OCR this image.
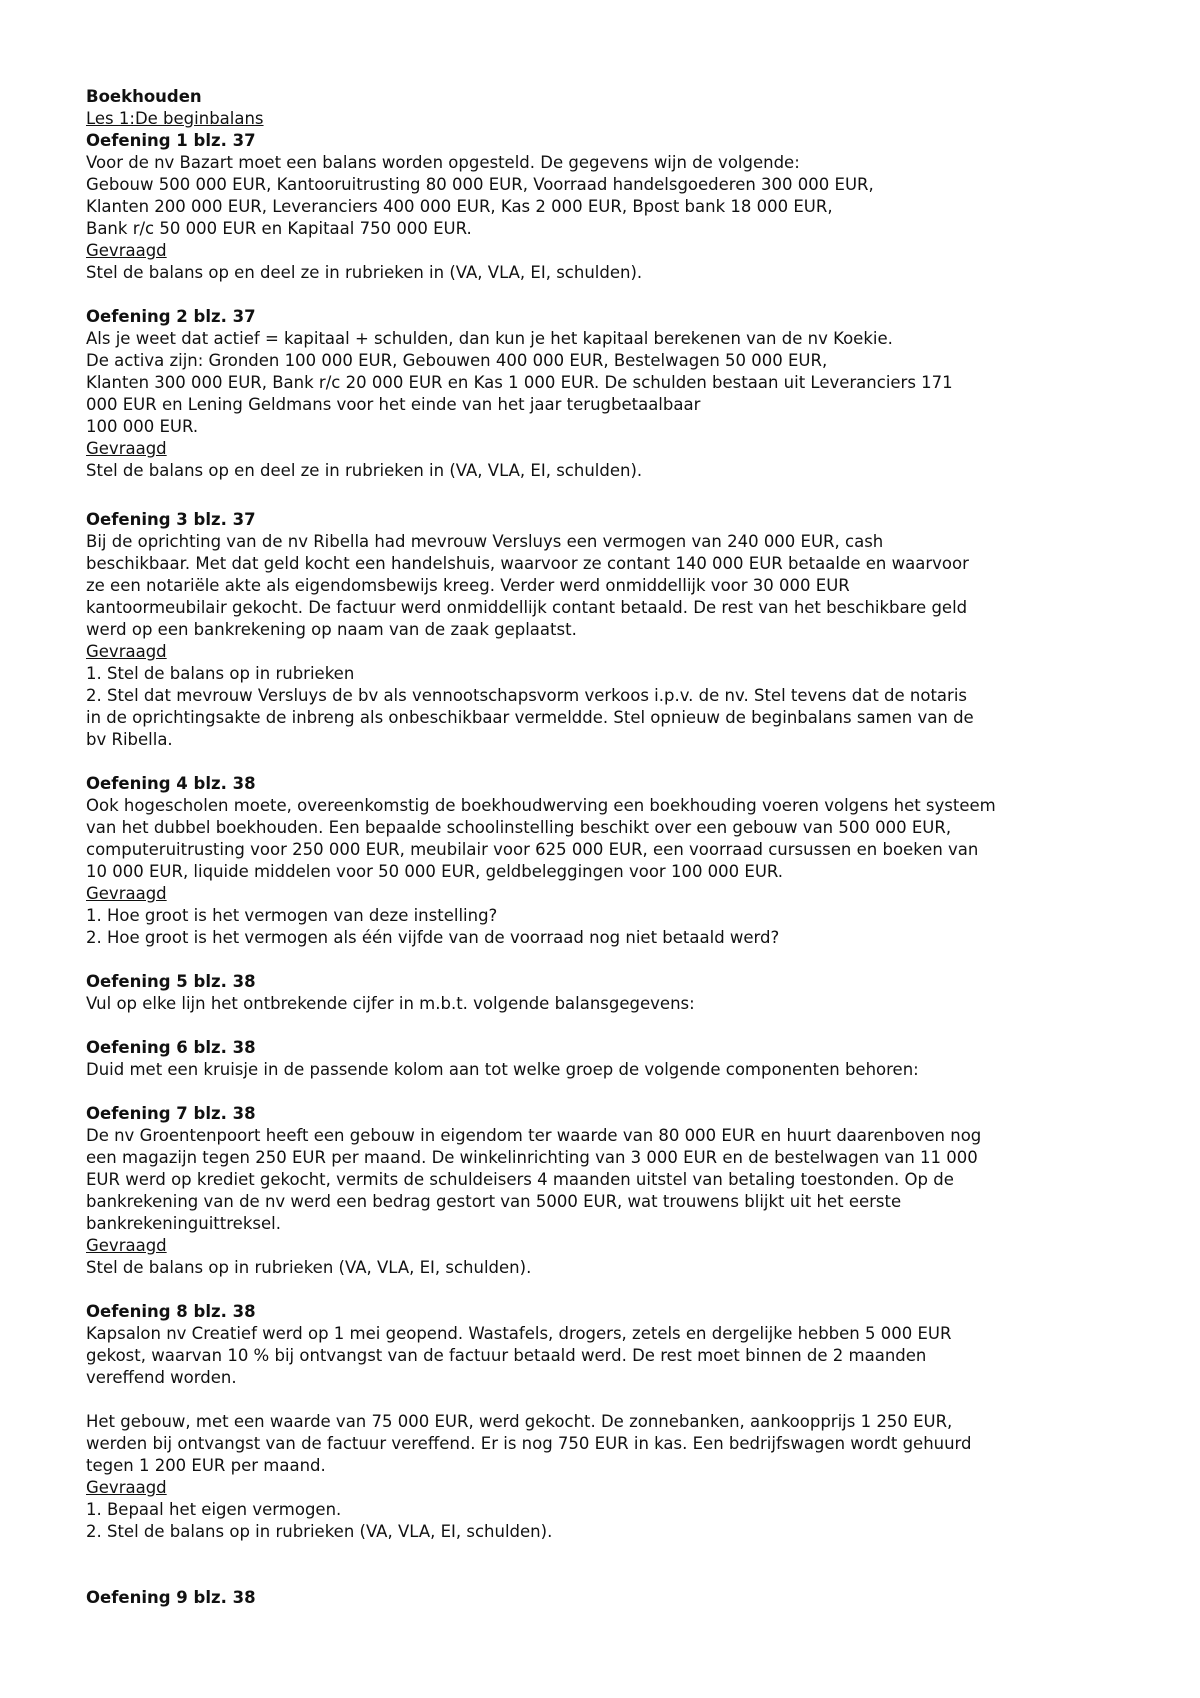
Boekhouden
Les 1:De beginbalans
Oefening 1 blz. 37
Voor de nv Bazart moet een balans worden opgesteld. De gegevens wijn de volgende:
Gebouw 500 000 EUR, Kantooruitrusting 80 000 EUR, Voorraad handelsgoederen 300 000 EUR,
Klanten 200 000 EUR, Leveranciers 400 000 EUR, Kas 2 000 EUR, Bpost bank 18 000 EUR,
Bank r/c 50 000 EUR en Kapitaal 750 000 EUR.
Gevraagd
Stel de balans op en deel ze in rubrieken in (VA, VLA, EI, schulden).
Oefening 2 blz. 37
Als je weet dat actief = kapitaal + schulden, dan kun je het kapitaal berekenen van de nv Koekie.
De activa zijn: Gronden 100 000 EUR, Gebouwen 400 000 EUR, Bestelwagen 50 000 EUR,
Klanten 300 000 EUR, Bank r/c 20 000 EUR en Kas 1 000 EUR. De schulden bestaan uit Leveranciers 171
000 EUR en Lening Geldmans voor het einde van het jaar terugbetaalbaar
100 000 EUR.
Gevraagd
Stel de balans op en deel ze in rubrieken in (VA, VLA, EI, schulden).
Oefening 3 blz. 37
Bij de oprichting van de nv Ribella had mevrouw Versluys een vermogen van 240 000 EUR, cash
beschikbaar. Met dat geld kocht een handelshuis, waarvoor ze contant 140 000 EUR betaalde en waarvoor
ze een notariële akte als eigendomsbewijs kreeg. Verder werd onmiddellijk voor 30 000 EUR
kantoormeubilair gekocht. De factuur werd onmiddellijk contant betaald. De rest van het beschikbare geld
werd op een bankrekening op naam van de zaak geplaatst.
Gevraagd
1. Stel de balans op in rubrieken
2. Stel dat mevrouw Versluys de bv als vennootschapsvorm verkoos i.p.v. de nv. Stel tevens dat de notaris
in de oprichtingsakte de inbreng als onbeschikbaar vermeldde. Stel opnieuw de beginbalans samen van de
bv Ribella.
Oefening 4 blz. 38
Ook hogescholen moete, overeenkomstig de boekhoudwerving een boekhouding voeren volgens het systeem
van het dubbel boekhouden. Een bepaalde schoolinstelling beschikt over een gebouw van 500 000 EUR,
computeruitrusting voor 250 000 EUR, meubilair voor 625 000 EUR, een voorraad cursussen en boeken van
10 000 EUR, liquide middelen voor 50 000 EUR, geldbeleggingen voor 100 000 EUR.
Gevraagd
1. Hoe groot is het vermogen van deze instelling?
2. Hoe groot is het vermogen als één vijfde van de voorraad nog niet betaald werd?
Oefening 5 blz. 38
Vul op elke lijn het ontbrekende cijfer in m.b.t. volgende balansgegevens:
Oefening 6 blz. 38
Duid met een kruisje in de passende kolom aan tot welke groep de volgende componenten behoren:
Oefening 7 blz. 38
De nv Groentenpoort heeft een gebouw in eigendom ter waarde van 80 000 EUR en huurt daarenboven nog
een magazijn tegen 250 EUR per maand. De winkelinrichting van 3 000 EUR en de bestelwagen van 11 000
EUR werd op krediet gekocht, vermits de schuldeisers 4 maanden uitstel van betaling toestonden. Op de
bankrekening van de nv werd een bedrag gestort van 5000 EUR, wat trouwens blijkt uit het eerste
bankrekeninguittreksel.
Gevraagd
Stel de balans op in rubrieken (VA, VLA, EI, schulden).
Oefening 8 blz. 38
Kapsalon nv Creatief werd op 1 mei geopend. Wastafels, drogers, zetels en dergelijke hebben 5 000 EUR
gekost, waarvan 10 % bij ontvangst van de factuur betaald werd. De rest moet binnen de 2 maanden
vereffend worden.
Het gebouw, met een waarde van 75 000 EUR, werd gekocht. De zonnebanken, aankoopprijs 1 250 EUR,
werden bij ontvangst van de factuur vereffend. Er is nog 750 EUR in kas. Een bedrijfswagen wordt gehuurd
tegen 1 200 EUR per maand.
Gevraagd
1. Bepaal het eigen vermogen.
2. Stel de balans op in rubrieken (VA, VLA, EI, schulden).
Oefening 9 blz. 38
